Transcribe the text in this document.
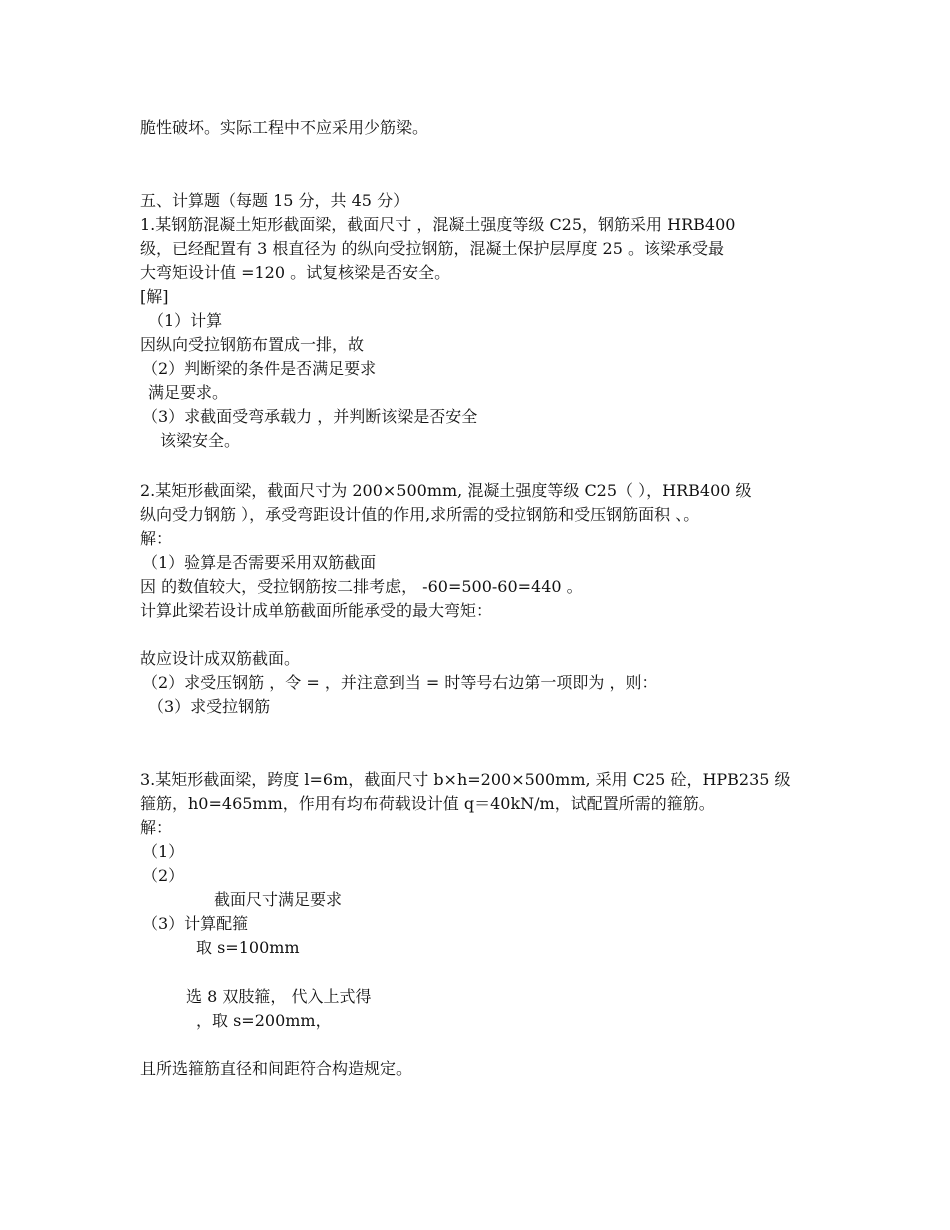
脆性破坏。实际工程中不应采用少筋梁。
五、计算题（每题 15 分，共 45 分）
1.某钢筋混凝土矩形截面梁，截面尺寸 ，混凝土强度等级 C25，钢筋采用 HRB400
级，已经配置有 3 根直径为 的纵向受拉钢筋，混凝土保护层厚度 25 。该梁承受最
大弯矩设计值 =120 。试复核梁是否安全。
[解]
（1）计算
因纵向受拉钢筋布置成一排，故
（2）判断梁的条件是否满足要求
满足要求。
（3）求截面受弯承载力 ，并判断该梁是否安全
该梁安全。
2.某矩形截面梁，截面尺寸为 200×500mm, 混凝土强度等级 C25（ ），HRB400 级
纵向受力钢筋 ），承受弯距设计值的作用,求所需的受拉钢筋和受压钢筋面积 、。
解：
（1）验算是否需要采用双筋截面
因 的数值较大，受拉钢筋按二排考虑， -60=500-60=440 。
计算此梁若设计成单筋截面所能承受的最大弯矩：
故应设计成双筋截面。
（2）求受压钢筋 ，令 = ，并注意到当 = 时等号右边第一项即为 ，则：
（3）求受拉钢筋
3.某矩形截面梁，跨度 l=6m，截面尺寸 b×h=200×500mm, 采用 C25 砼，HPB235 级
箍筋，h0=465mm，作用有均布荷载设计值 q＝40kN/m，试配置所需的箍筋。
解：
（1）
（2）
截面尺寸满足要求
（3）计算配箍
取 s=100mm
选 8 双肢箍， 代入上式得
，取 s=200mm，
且所选箍筋直径和间距符合构造规定。
